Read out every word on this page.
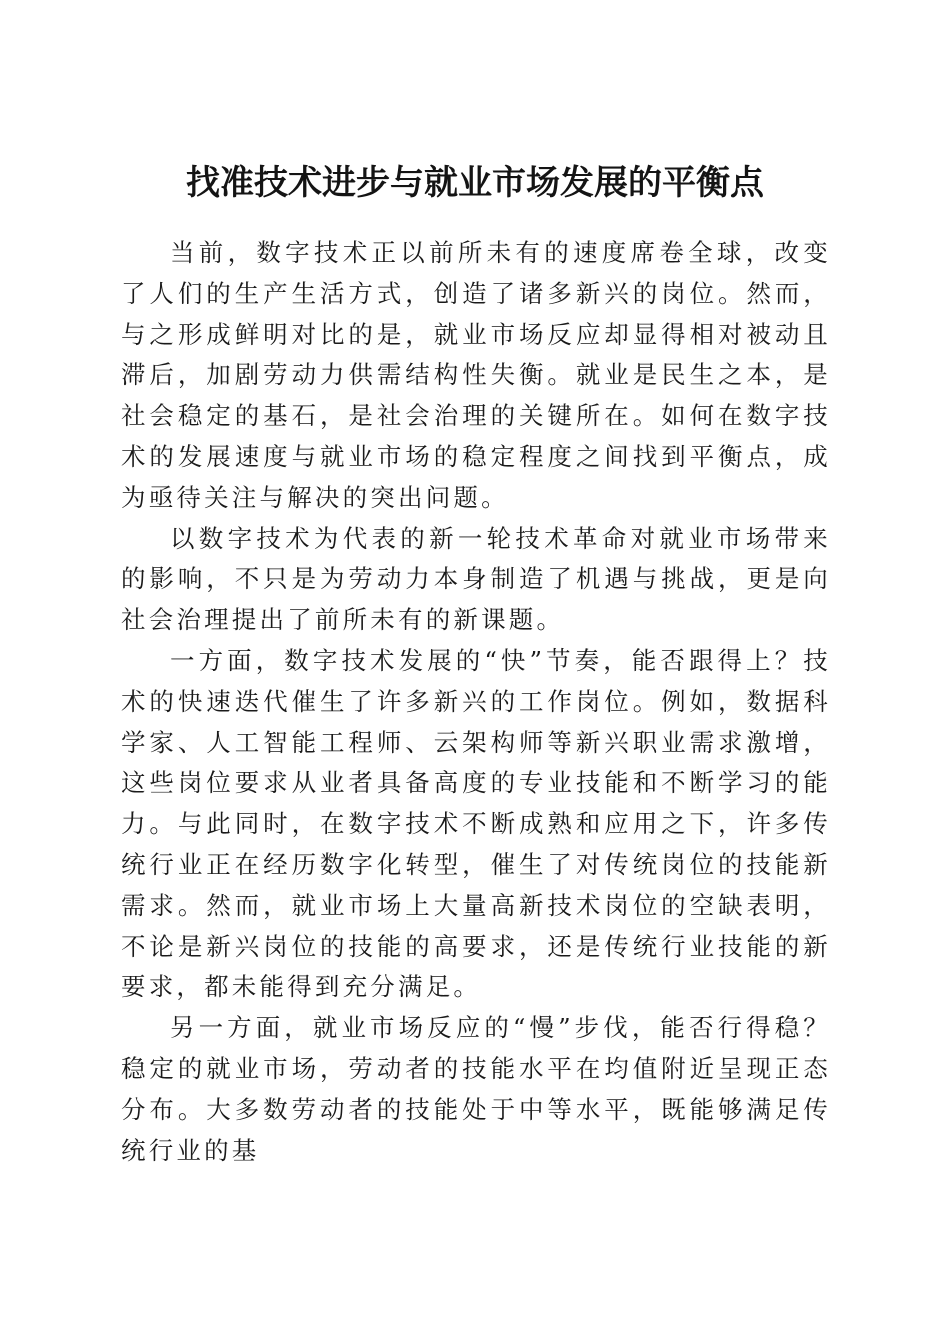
找准技术进步与就业市场发展的平衡点

当前，数字技术正以前所未有的速度席卷全球，改变了人们的生产生活方式，创造了诸多新兴的岗位。然而，与之形成鲜明对比的是，就业市场反应却显得相对被动且滞后，加剧劳动力供需结构性失衡。就业是民生之本，是社会稳定的基石，是社会治理的关键所在。如何在数字技术的发展速度与就业市场的稳定程度之间找到平衡点，成为亟待关注与解决的突出问题。

以数字技术为代表的新一轮技术革命对就业市场带来的影响，不只是为劳动力本身制造了机遇与挑战，更是向社会治理提出了前所未有的新课题。

一方面，数字技术发展的“快”节奏，能否跟得上？技术的快速迭代催生了许多新兴的工作岗位。例如，数据科学家、人工智能工程师、云架构师等新兴职业需求激增，这些岗位要求从业者具备高度的专业技能和不断学习的能力。与此同时，在数字技术不断成熟和应用之下，许多传统行业正在经历数字化转型，催生了对传统岗位的技能新需求。然而，就业市场上大量高新技术岗位的空缺表明，不论是新兴岗位的技能的高要求，还是传统行业技能的新要求，都未能得到充分满足。

另一方面，就业市场反应的“慢”步伐，能否行得稳？稳定的就业市场，劳动者的技能水平在均值附近呈现正态分布。大多数劳动者的技能处于中等水平，既能够满足传统行业的基
